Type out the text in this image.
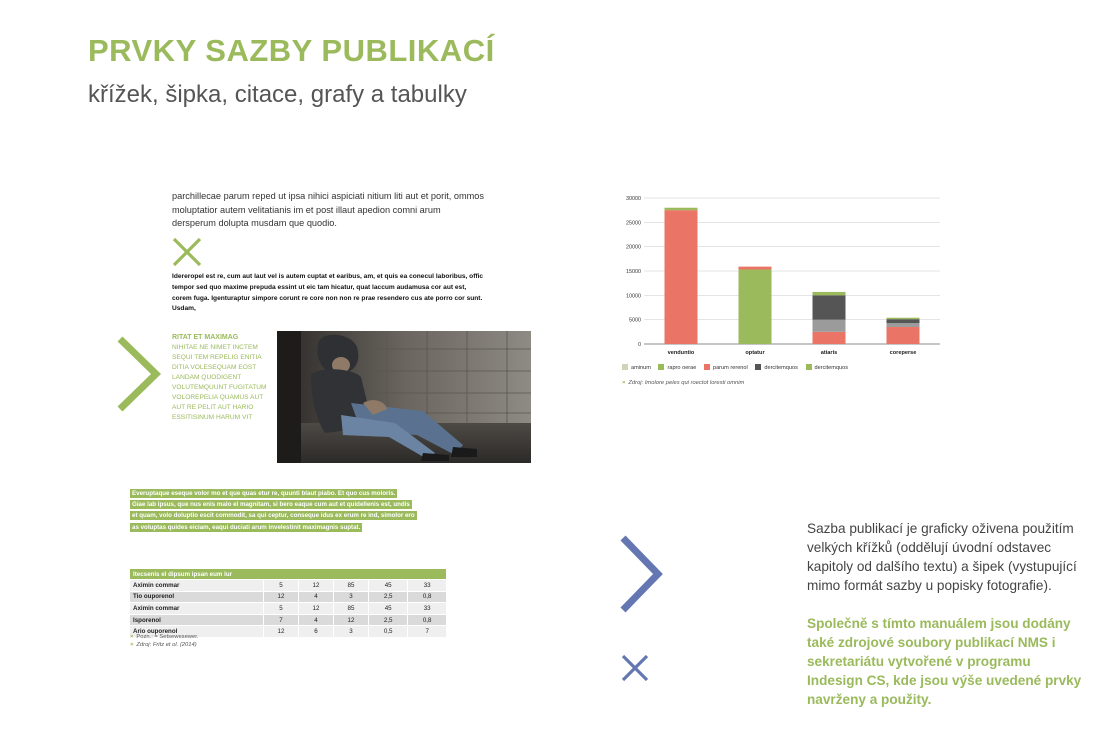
PRVKY SAZBY PUBLIKACÍ
křížek, šipka, citace, grafy a tabulky
parchillecae parum reped ut ipsa nihici aspiciati nitium liti aut et porit, ommos moluptatior autem velitatianis im et post illaut apedion comni arum dersperum dolupta musdam que quodio.
Idereropel est re, cum aut laut vel is autem cuptat et earibus, am, et quis ea conecul laboribus, offic tempor sed quo maxime prepuda essint ut eic tam hicatur, quat laccum audamusa cor aut est, corem fuga. Igenturaptur simpore corunt re core non non re prae resendero cus ate porro cor sunt. Usdam,
RITAT ET MAXIMAG
NIHITAE NE NIMET INCTEM SEQUI TEM REPELIG ENITIA DITIA VOLESEQUAM EOST LANDAM QUODIGENT VOLUTEMQUUNT FUGITATUM VOLOREPELIA QUAMUS AUT AUT RE PELIT AUT HARIO ESSITISINUM HARUM VIT
Everuptaque eseque volor mo et que quas etur re, quunti blaut piabo. Et quo cus moloris.
Giae lab ipsus, que nus enis malo el magnitam, si bero eaque cum aut et quidellenis est, undis
et quam, volo doluptio escit commodit, sa qui ceptur, conseque idus ex erum re ind, simolor ero
as voluptas quides eiciam, eaqui duciati arum invelestinit maximagnis suptat.
Itecsenis el dipsum ipsan eum lur					
Aximin commar	5	12	85	45	33
Tio ouporenol	12	4	3	2,5	0,8
Aximin commar	5	12	85	45	33
Isporenol	7	4	12	2,5	0,8
Ario ouporenol	12	6	3	0,5	7
× Pozn.: = Setsewesewer.
× Zdroj: Fritz et ol. (2014)
0
5000
10000
15000
20000
25000
30000
venduntio	optatur	atiaris	coreperse
aminum	rapro oerae	parum rerenol	dercitemquos	dercitemquos
× Zdroj: Imolore peles qui roectot loresti omnim
Sazba publikací je graficky oživena použitím velkých křížků (oddělují úvodní odstavec kapitoly od dalšího textu) a šipek (vystupující mimo formát sazby u popisky fotografie).
Společně s tímto manuálem jsou dodány také zdrojové soubory publikací NMS i sekretariátu vytvořené v programu Indesign CS, kde jsou výše uvedené prvky navrženy a použity.
